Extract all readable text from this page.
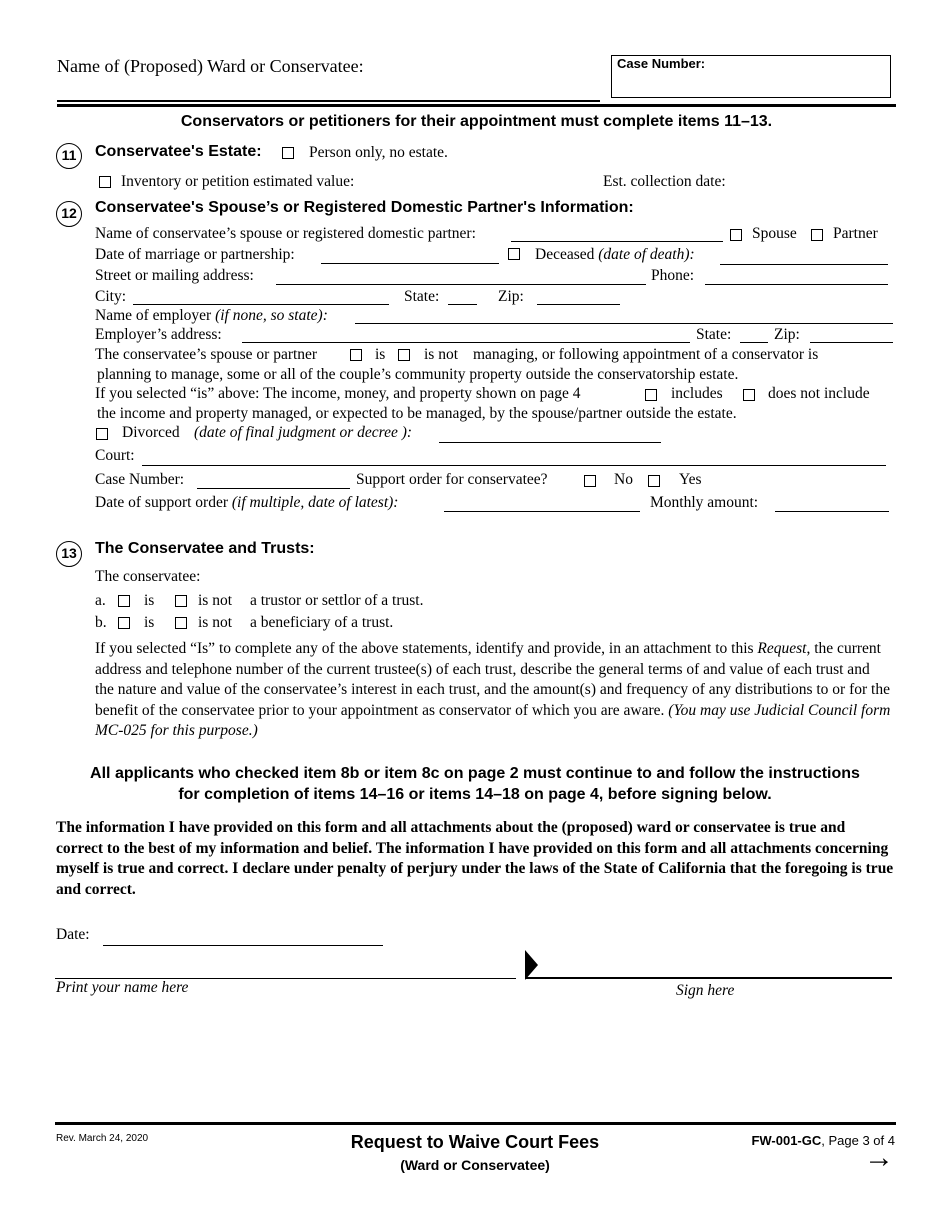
Name of (Proposed) Ward or Conservatee:	Case Number:
Conservators or petitioners for their appointment must complete items 11–13.
11	Conservatee's Estate:	Person only, no estate.
Inventory or petition estimated value:	Est. collection date:
12	Conservatee's Spouse’s or Registered Domestic Partner's Information:
Name of conservatee’s spouse or registered domestic partner:	Spouse Partner
Date of marriage or partnership:	Deceased (date of death):
Street or mailing address:	Phone:
City:	State:	Zip:
Name of employer (if none, so state):
Employer’s address:	State:	Zip:
The conservatee’s spouse or partner	is is not managing, or following appointment of a conservator is
planning to manage, some or all of the couple’s community property outside the conservatorship estate.
If you selected “is” above: The income, money, and property shown on page 4	includes	does not include
the income and property managed, or expected to be managed, by the spouse/partner outside the estate.
Divorced (date of final judgment or decree ):
Court:
Case Number:	Support order for conservatee?	No	Yes
Date of support order (if multiple, date of latest):	Monthly amount:
13	The Conservatee and Trusts:
The conservatee:
a. is	is not a trustor or settlor of a trust.
b. is	is not a beneficiary of a trust.
If you selected “Is” to complete any of the above statements, identify and provide, in an attachment to this Request, the current address and telephone number of the current trustee(s) of each trust, describe the general terms of and value of each trust and the nature and value of the conservatee’s interest in each trust, and the amount(s) and frequency of any distributions to or for the benefit of the conservatee prior to your appointment as conservator of which you are aware. (You may use Judicial Council form MC-025 for this purpose.)
All applicants who checked item 8b or item 8c on page 2 must continue to and follow the instructions for completion of items 14–16 or items 14–18 on page 4, before signing below.
The information I have provided on this form and all attachments about the (proposed) ward or conservatee is true and correct to the best of my information and belief. The information I have provided on this form and all attachments concerning myself is true and correct. I declare under penalty of perjury under the laws of the State of California that the foregoing is true and correct.
Date:
Print your name here	Sign here
Rev. March 24, 2020	Request to Waive Court Fees
(Ward or Conservatee)
FW-001-GC, Page 3 of 4
→
